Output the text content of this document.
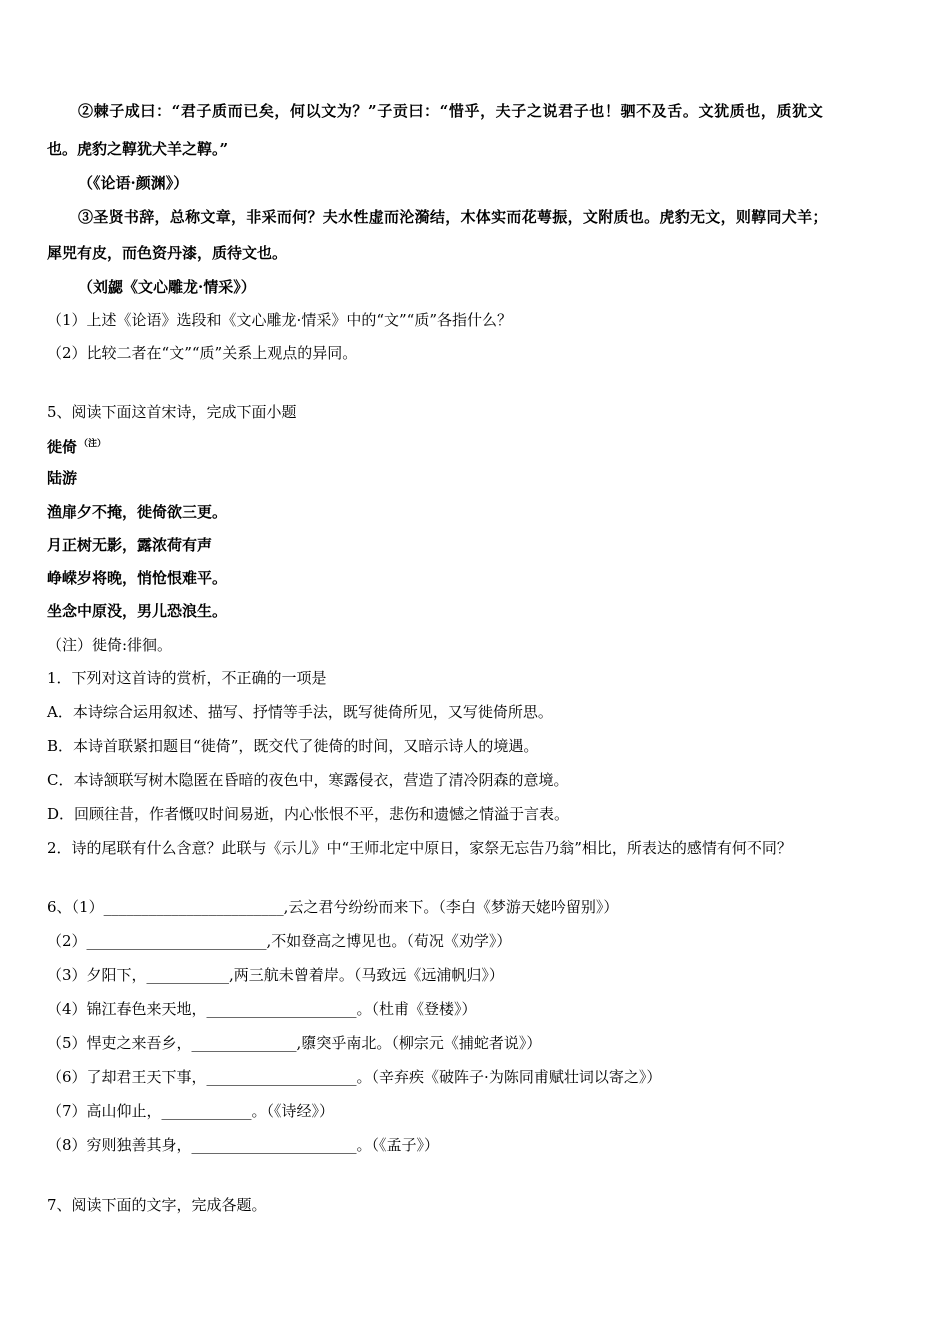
②棘子成曰：“君子质而已矣，何以文为？”子贡曰：“惜乎，夫子之说君子也！驷不及舌。文犹质也，质犹文
也。虎豹之鞟犹犬羊之鞟。”
（《论语·颜渊》）
③圣贤书辞，总称文章，非采而何？夫水性虚而沦漪结，木体实而花萼振，文附质也。虎豹无文，则鞟同犬羊；
犀兕有皮，而色资丹漆，质待文也。
（刘勰《文心雕龙·情采》）
（1）上述《论语》选段和《文心雕龙·情采》中的“文”“质”各指什么？
（2）比较二者在“文”“质”关系上观点的异同。
5、阅读下面这首宋诗，完成下面小题
徙倚 $^{(注)}$
陆游
渔扉夕不掩，徙倚欲三更。
月正树无影，露浓荷有声
峥嵘岁将晚，悄怆恨难平。
坐念中原没，男儿恐浪生。
（注）徙倚:徘徊。
1．下列对这首诗的赏析，不正确的一项是
A．本诗综合运用叙述、描写、抒情等手法，既写徙倚所见，又写徙倚所思。
B．本诗首联紧扣题目“徙倚”，既交代了徙倚的时间，又暗示诗人的境遇。
C．本诗颔联写树木隐匿在昏暗的夜色中，寒露侵衣，营造了清冷阴森的意境。
D．回顾往昔，作者慨叹时间易逝，内心怅恨不平，悲伤和遗憾之情溢于言表。
2．诗的尾联有什么含意？此联与《示儿》中“王师北定中原日，家祭无忘告乃翁”相比，所表达的感情有何不同？
6、（1）________________________,云之君兮纷纷而来下。（李白《梦游天姥吟留别》）
（2）________________________,不如登高之博见也。（荀况《劝学》）
（3）夕阳下，___________,两三航未曾着岸。（马致远《远浦帆归》）
（4）锦江春色来天地，____________________。（杜甫《登楼》）
（5）悍吏之来吾乡，______________,隳突乎南北。（柳宗元《捕蛇者说》）
（6）了却君王天下事，____________________。（辛弃疾《破阵子·为陈同甫赋壮词以寄之》）
（7）高山仰止，____________。（《诗经》）
（8）穷则独善其身，______________________。（《孟子》）
7、阅读下面的文字，完成各题。
